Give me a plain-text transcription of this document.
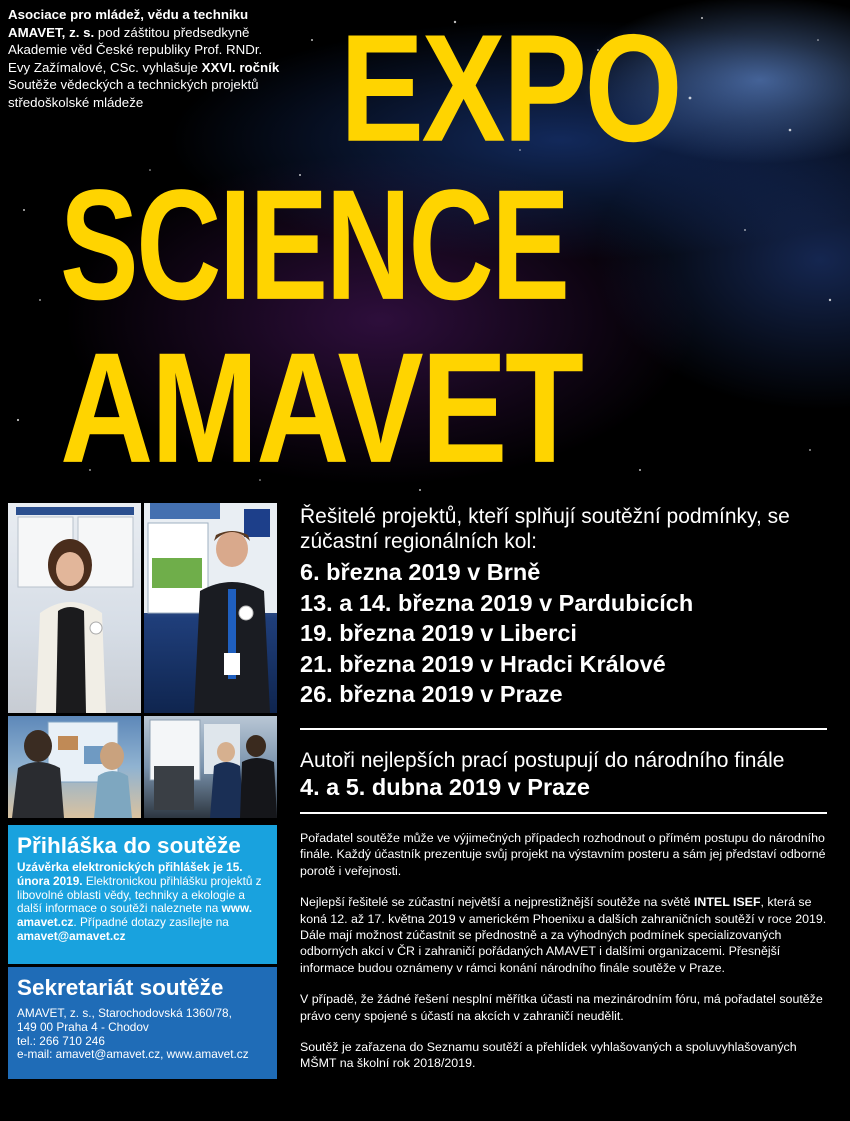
Asociace pro mládež, vědu a techniku
AMAVET, z. s. pod záštitou předsedkyně Akademie věd České republiky Prof. RNDr. Evy Zažímalové, CSc. vyhlašuje XXVI. ročník Soutěže vědeckých a technických projektů středoškolské mládeže	EXPO
SCIENCE
AMAVET
Řešitelé projektů, kteří splňují soutěžní podmínky, se zúčastní regionálních kol:
6. března 2019 v Brně
13. a 14. března 2019 v Pardubicích
19. března 2019 v Liberci
21. března 2019 v Hradci Králové
26. března 2019 v Praze
Autoři nejlepších prací postupují do národního finále
4. a 5. dubna 2019 v Praze

Pořadatel soutěže může ve výjimečných případech rozhodnout o přímém postupu do národního finále. Každý účastník prezentuje svůj projekt na výstavním posteru a sám jej představí odborné porotě i veřejnosti.

Nejlepší řešitelé se zúčastní největší a nejprestižnější soutěže na světě INTEL ISEF, která se koná 12. až 17. května 2019 v americkém Phoenixu a dalších zahraničních soutěží v roce 2019. Dále mají možnost zúčastnit se přednostně a za výhodných podmínek specializovaných odborných akcí v ČR i zahraničí pořádaných AMAVET i dalšími organizacemi. Přesnější informace budou oznámeny v rámci konání národního finále soutěže v Praze.

V případě, že žádné řešení nesplní měřítka účasti na mezinárodním fóru, má pořadatel soutěže právo ceny spojené s účastí na akcích v zahraničí neudělit.

Soutěž je zařazena do Seznamu soutěží a přehlídek vyhlašovaných a spoluvyhlašovaných MŠMT na školní rok 2018/2019.

Přihláška do soutěže
Uzávěrka elektronických přihlášek je 15. února 2019. Elektronickou přihlášku projektů z libovolné oblasti vědy, techniky a ekologie a další informace o soutěži naleznete na www. amavet.cz. Případné dotazy zasílejte na amavet@amavet.cz
Sekretariát soutěže
AMAVET, z. s., Starochodovská 1360/78,
149 00 Praha 4 - Chodov
tel.: 266 710 246
e-mail: amavet@amavet.cz, www.amavet.cz
